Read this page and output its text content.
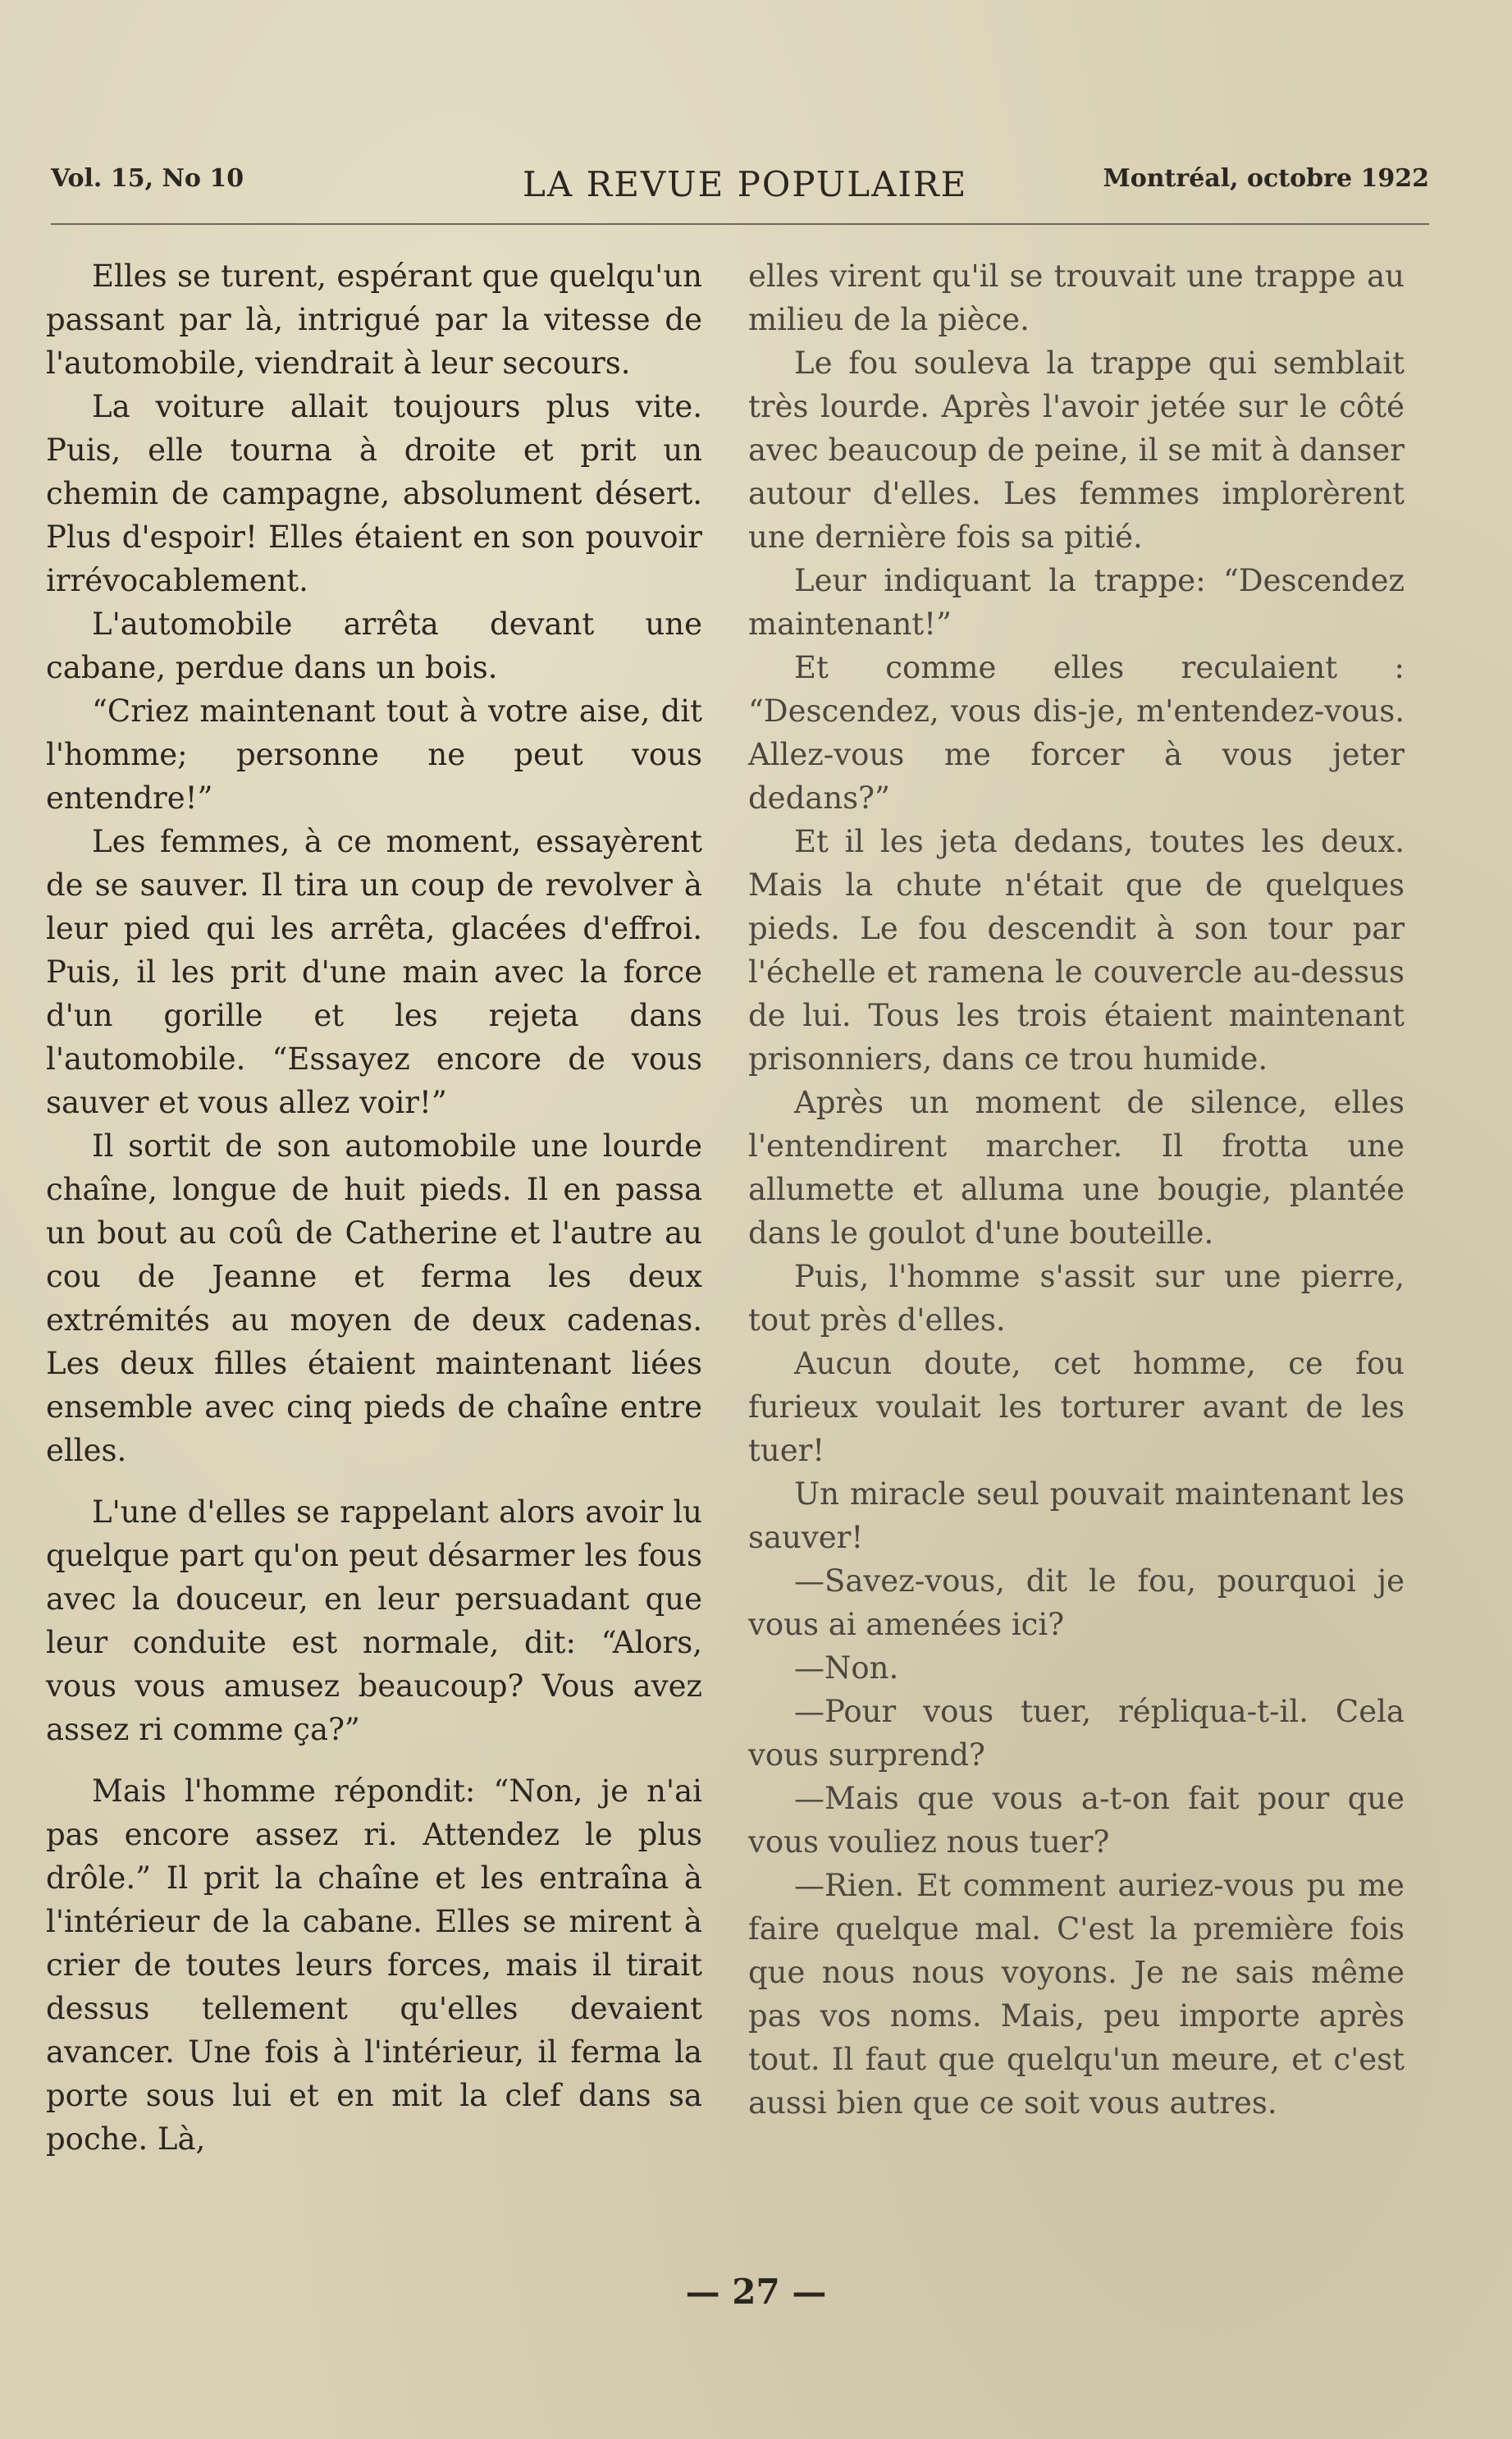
Vol. 15, No 10	LA REVUE POPULAIRE	Montréal, octobre 1922

Elles se turent, espérant que quelqu'un passant par là, intrigué par la vitesse de l'automobile, viendrait à leur secours.

La voiture allait toujours plus vite. Puis, elle tourna à droite et prit un chemin de campagne, absolument désert. Plus d'espoir! Elles étaient en son pouvoir irrévocablement.

L'automobile arrêta devant une cabane, perdue dans un bois.

“Criez maintenant tout à votre aise, dit l'homme; personne ne peut vous entendre!”

Les femmes, à ce moment, essayèrent de se sauver. Il tira un coup de revolver à leur pied qui les arrêta, glacées d'effroi. Puis, il les prit d'une main avec la force d'un gorille et les rejeta dans l'automobile. “Essayez encore de vous sauver et vous allez voir!”

Il sortit de son automobile une lourde chaîne, longue de huit pieds. Il en passa un bout au coû de Catherine et l'autre au cou de Jeanne et ferma les deux extrémités au moyen de deux cadenas. Les deux filles étaient maintenant liées ensemble avec cinq pieds de chaîne entre elles.

L'une d'elles se rappelant alors avoir lu quelque part qu'on peut désarmer les fous avec la douceur, en leur persuadant que leur conduite est normale, dit: “Alors, vous vous amusez beaucoup? Vous avez assez ri comme ça?”

Mais l'homme répondit: “Non, je n'ai pas encore assez ri. Attendez le plus drôle.” Il prit la chaîne et les entraîna à l'intérieur de la cabane. Elles se mirent à crier de toutes leurs forces, mais il tirait dessus tellement qu'elles devaient avancer. Une fois à l'intérieur, il ferma la porte sous lui et en mit la clef dans sa poche. Là,

elles virent qu'il se trouvait une trappe au milieu de la pièce.

Le fou souleva la trappe qui semblait très lourde. Après l'avoir jetée sur le côté avec beaucoup de peine, il se mit à danser autour d'elles. Les femmes implorèrent une dernière fois sa pitié.

Leur indiquant la trappe: “Descendez maintenant!”

Et comme elles reculaient : “Descendez, vous dis-je, m'entendez-vous. Allez-vous me forcer à vous jeter dedans?”

Et il les jeta dedans, toutes les deux. Mais la chute n'était que de quelques pieds. Le fou descendit à son tour par l'échelle et ramena le couvercle au-dessus de lui. Tous les trois étaient maintenant prisonniers, dans ce trou humide.

Après un moment de silence, elles l'entendirent marcher. Il frotta une allumette et alluma une bougie, plantée dans le goulot d'une bouteille.

Puis, l'homme s'assit sur une pierre, tout près d'elles.

Aucun doute, cet homme, ce fou furieux voulait les torturer avant de les tuer!

Un miracle seul pouvait maintenant les sauver!

—Savez-vous, dit le fou, pourquoi je vous ai amenées ici?

—Non.

—Pour vous tuer, répliqua-t-il. Cela vous surprend?

—Mais que vous a-t-on fait pour que vous vouliez nous tuer?

—Rien. Et comment auriez-vous pu me faire quelque mal. C'est la première fois que nous nous voyons. Je ne sais même pas vos noms. Mais, peu importe après tout. Il faut que quelqu'un meure, et c'est aussi bien que ce soit vous autres.

— 27 —
